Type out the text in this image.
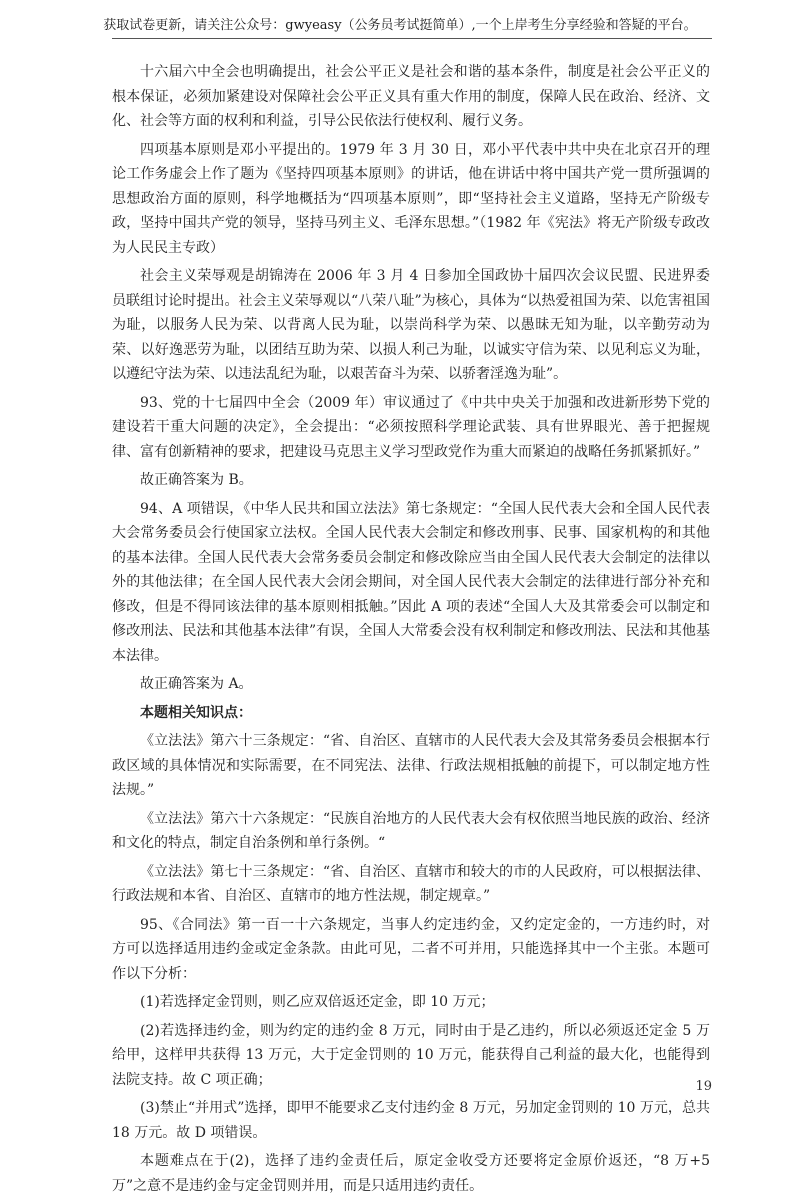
获取试卷更新，请关注公众号：gwyeasy（公务员考试挺简单）,一个上岸考生分享经验和答疑的平台。

十六届六中全会也明确提出，社会公平正义是社会和谐的基本条件，制度是社会公平正义的根本保证，必须加紧建设对保障社会公平正义具有重大作用的制度，保障人民在政治、经济、文化、社会等方面的权利和利益，引导公民依法行使权利、履行义务。

四项基本原则是邓小平提出的。1979 年 3 月 30 日，邓小平代表中共中央在北京召开的理论工作务虚会上作了题为《坚持四项基本原则》的讲话，他在讲话中将中国共产党一贯所强调的思想政治方面的原则，科学地概括为“四项基本原则”，即“坚持社会主义道路，坚持无产阶级专政，坚持中国共产党的领导，坚持马列主义、毛泽东思想。”（1982 年《宪法》将无产阶级专政改为人民民主专政）

社会主义荣辱观是胡锦涛在 2006 年 3 月 4 日参加全国政协十届四次会议民盟、民进界委员联组讨论时提出。社会主义荣辱观以“八荣八耻”为核心，具体为“以热爱祖国为荣、以危害祖国为耻，以服务人民为荣、以背离人民为耻，以崇尚科学为荣、以愚昧无知为耻，以辛勤劳动为荣、以好逸恶劳为耻，以团结互助为荣、以损人利己为耻，以诚实守信为荣、以见利忘义为耻，以遵纪守法为荣、以违法乱纪为耻，以艰苦奋斗为荣、以骄奢淫逸为耻”。

93、党的十七届四中全会（2009 年）审议通过了《中共中央关于加强和改进新形势下党的建设若干重大问题的决定》，全会提出：“必须按照科学理论武装、具有世界眼光、善于把握规律、富有创新精神的要求，把建设马克思主义学习型政党作为重大而紧迫的战略任务抓紧抓好。”

故正确答案为 B。

94、A 项错误，《中华人民共和国立法法》第七条规定：“全国人民代表大会和全国人民代表大会常务委员会行使国家立法权。全国人民代表大会制定和修改刑事、民事、国家机构的和其他的基本法律。全国人民代表大会常务委员会制定和修改除应当由全国人民代表大会制定的法律以外的其他法律；在全国人民代表大会闭会期间，对全国人民代表大会制定的法律进行部分补充和修改，但是不得同该法律的基本原则相抵触。”因此 A 项的表述“全国人大及其常委会可以制定和修改刑法、民法和其他基本法律”有误，全国人大常委会没有权利制定和修改刑法、民法和其他基本法律。

故正确答案为 A。

本题相关知识点：

《立法法》第六十三条规定：“省、自治区、直辖市的人民代表大会及其常务委员会根据本行政区域的具体情况和实际需要，在不同宪法、法律、行政法规相抵触的前提下，可以制定地方性法规。”

《立法法》第六十六条规定：“民族自治地方的人民代表大会有权依照当地民族的政治、经济和文化的特点，制定自治条例和单行条例。“

《立法法》第七十三条规定：“省、自治区、直辖市和较大的市的人民政府，可以根据法律、行政法规和本省、自治区、直辖市的地方性法规，制定规章。”

95、《合同法》第一百一十六条规定，当事人约定违约金，又约定定金的，一方违约时，对方可以选择适用违约金或定金条款。由此可见，二者不可并用，只能选择其中一个主张。本题可作以下分析：

(1)若选择定金罚则，则乙应双倍返还定金，即 10 万元；

(2)若选择违约金，则为约定的违约金 8 万元，同时由于是乙违约，所以必须返还定金 5 万给甲，这样甲共获得 13 万元，大于定金罚则的 10 万元，能获得自己利益的最大化，也能得到法院支持。故 C 项正确；

(3)禁止“并用式”选择，即甲不能要求乙支付违约金 8 万元，另加定金罚则的 10 万元，总共 18 万元。故 D 项错误。

本题难点在于(2)，选择了违约金责任后，原定金收受方还要将定金原价返还，“8 万+5 万”之意不是违约金与定金罚则并用，而是只适用违约责任。

19
